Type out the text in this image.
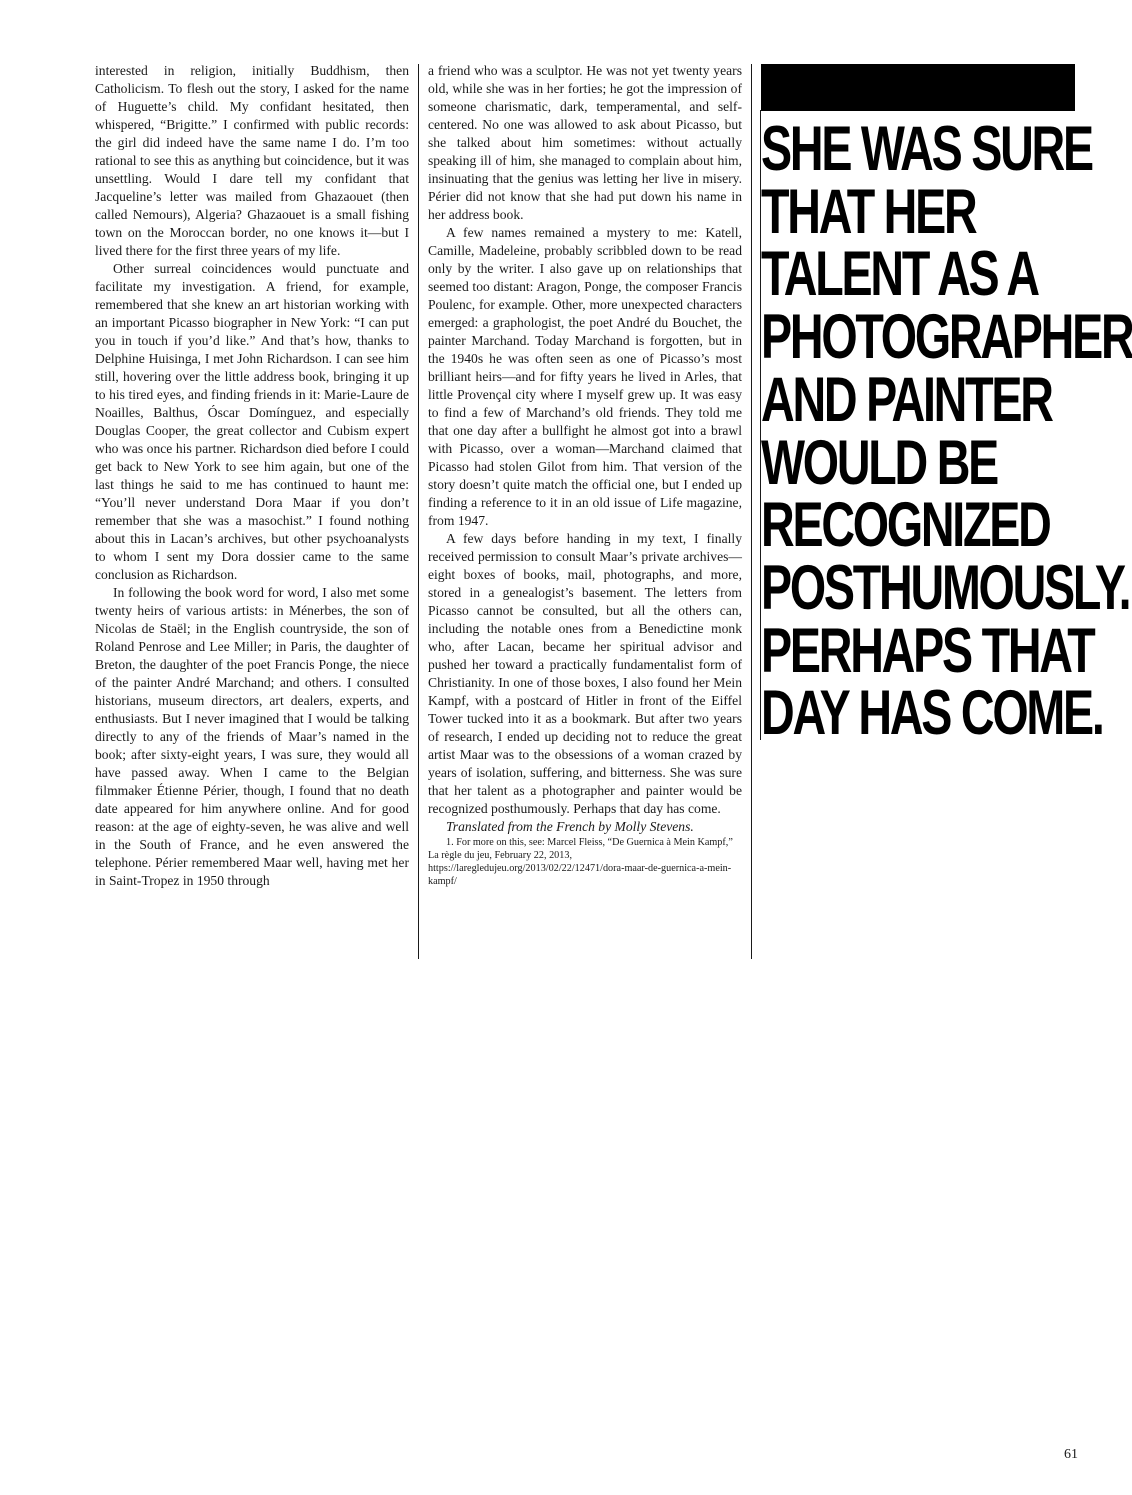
interested in religion, initially Buddhism, then Catholicism. To flesh out the story, I asked for the name of Huguette’s child. My confidant hesitated, then whispered, “Brigitte.” I confirmed with public records: the girl did indeed have the same name I do. I’m too rational to see this as anything but coincidence, but it was unsettling. Would I dare tell my confidant that Jacqueline’s letter was mailed from Ghazaouet (then called Nemours), Algeria? Ghazaouet is a small fishing town on the Moroccan border, no one knows it—but I lived there for the first three years of my life.

Other surreal coincidences would punctuate and facilitate my investigation. A friend, for example, remembered that she knew an art historian working with an important Picasso biographer in New York: “I can put you in touch if you’d like.” And that’s how, thanks to Delphine Huisinga, I met John Richardson. I can see him still, hovering over the little address book, bringing it up to his tired eyes, and finding friends in it: Marie-Laure de Noailles, Balthus, Óscar Domínguez, and especially Douglas Cooper, the great collector and Cubism expert who was once his partner. Richardson died before I could get back to New York to see him again, but one of the last things he said to me has continued to haunt me: “You’ll never understand Dora Maar if you don’t remember that she was a masochist.” I found nothing about this in Lacan’s archives, but other psychoanalysts to whom I sent my Dora dossier came to the same conclusion as Richardson.

In following the book word for word, I also met some twenty heirs of various artists: in Ménerbes, the son of Nicolas de Staël; in the English countryside, the son of Roland Penrose and Lee Miller; in Paris, the daughter of Breton, the daughter of the poet Francis Ponge, the niece of the painter André Marchand; and others. I consulted historians, museum directors, art dealers, experts, and enthusiasts. But I never imagined that I would be talking directly to any of the friends of Maar’s named in the book; after sixty-eight years, I was sure, they would all have passed away. When I came to the Belgian filmmaker Étienne Périer, though, I found that no death date appeared for him anywhere online. And for good reason: at the age of eighty-seven, he was alive and well in the South of France, and he even answered the telephone. Périer remembered Maar well, having met her in Saint-Tropez in 1950 through

a friend who was a sculptor. He was not yet twenty years old, while she was in her forties; he got the impression of someone charismatic, dark, temperamental, and self-centered. No one was allowed to ask about Picasso, but she talked about him sometimes: without actually speaking ill of him, she managed to complain about him, insinuating that the genius was letting her live in misery. Périer did not know that she had put down his name in her address book.

A few names remained a mystery to me: Katell, Camille, Madeleine, probably scribbled down to be read only by the writer. I also gave up on relationships that seemed too distant: Aragon, Ponge, the composer Francis Poulenc, for example. Other, more unexpected characters emerged: a graphologist, the poet André du Bouchet, the painter Marchand. Today Marchand is forgotten, but in the 1940s he was often seen as one of Picasso’s most brilliant heirs—and for fifty years he lived in Arles, that little Provençal city where I myself grew up. It was easy to find a few of Marchand’s old friends. They told me that one day after a bullfight he almost got into a brawl with Picasso, over a woman—Marchand claimed that Picasso had stolen Gilot from him. That version of the story doesn’t quite match the official one, but I ended up finding a reference to it in an old issue of Life magazine, from 1947.

A few days before handing in my text, I finally received permission to consult Maar’s private archives—eight boxes of books, mail, photographs, and more, stored in a genealogist’s basement. The letters from Picasso cannot be consulted, but all the others can, including the notable ones from a Benedictine monk who, after Lacan, became her spiritual advisor and pushed her toward a practically fundamentalist form of Christianity. In one of those boxes, I also found her Mein Kampf, with a postcard of Hitler in front of the Eiffel Tower tucked into it as a bookmark. But after two years of research, I ended up deciding not to reduce the great artist Maar was to the obsessions of a woman crazed by years of isolation, suffering, and bitterness. She was sure that her talent as a photographer and painter would be recognized posthumously. Perhaps that day has come.

Translated from the French by Molly Stevens.

1. For more on this, see: Marcel Fleiss, “De Guernica à Mein Kampf,” La règle du jeu, February 22, 2013, https://laregledujeu.org/2013/02/22/12471/dora-maar-de-guernica-a-mein-kampf/

SHE WAS SURE
THAT HER
TALENT AS A
PHOTOGRAPHER
AND PAINTER
WOULD BE
RECOGNIZED
POSTHUMOUSLY.
PERHAPS THAT
DAY HAS COME.
61
